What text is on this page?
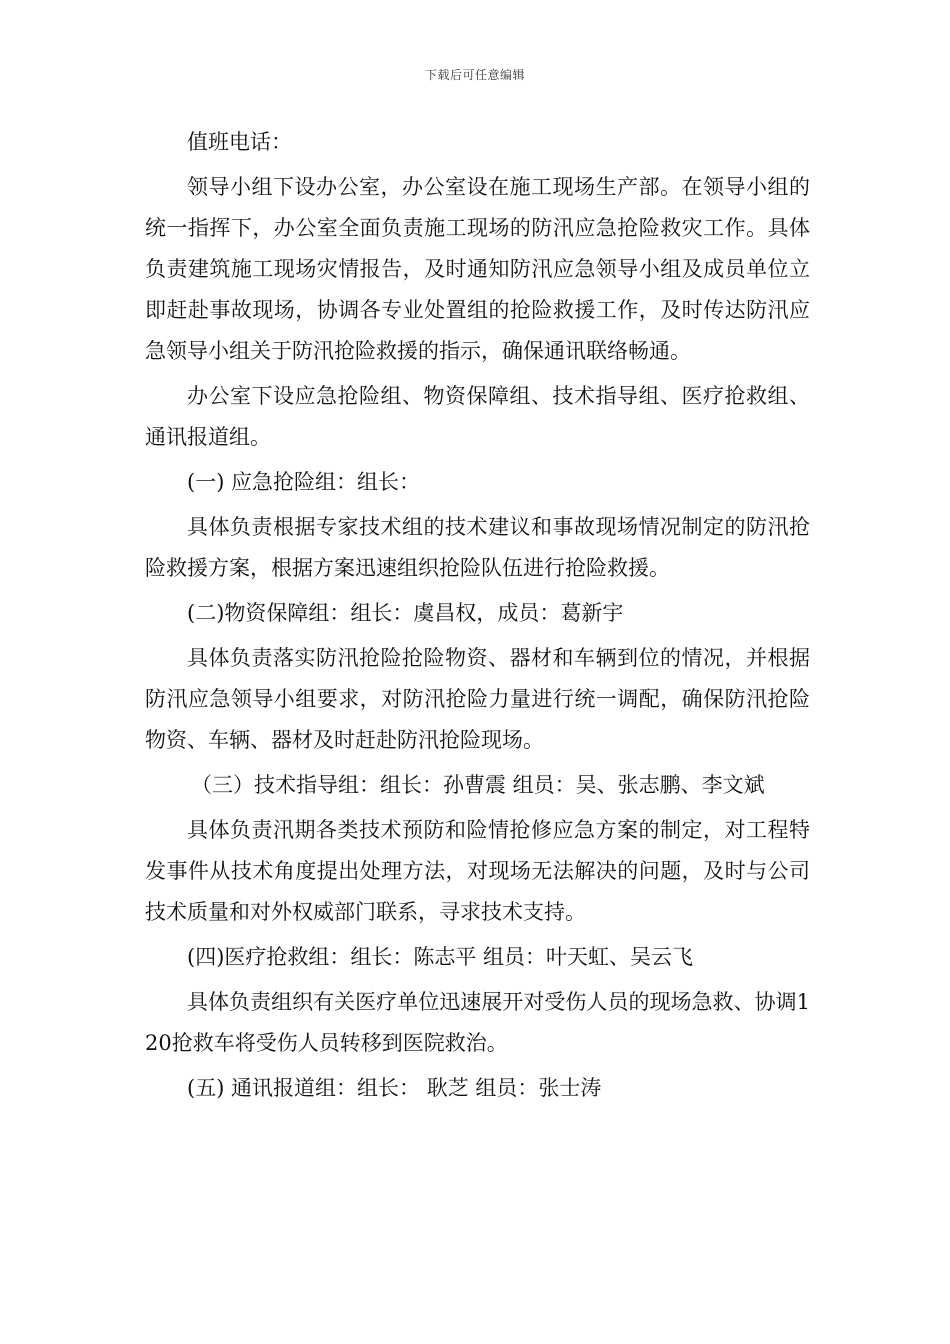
下载后可任意编辑

值班电话：

领导小组下设办公室，办公室设在施工现场生产部。在领导小组的统一指挥下，办公室全面负责施工现场的防汛应急抢险救灾工作。具体负责建筑施工现场灾情报告，及时通知防汛应急领导小组及成员单位立即赶赴事故现场，协调各专业处置组的抢险救援工作，及时传达防汛应急领导小组关于防汛抢险救援的指示，确保通讯联络畅通。

办公室下设应急抢险组、物资保障组、技术指导组、医疗抢救组、通讯报道组。

(一) 应急抢险组：组长：

具体负责根据专家技术组的技术建议和事故现场情况制定的防汛抢险救援方案，根据方案迅速组织抢险队伍进行抢险救援。

(二)物资保障组：组长：虞昌权，成员：葛新宇

具体负责落实防汛抢险抢险物资、器材和车辆到位的情况，并根据防汛应急领导小组要求，对防汛抢险力量进行统一调配，确保防汛抢险物资、车辆、器材及时赶赴防汛抢险现场。

（三）技术指导组：组长：孙曹震 组员：吴、张志鹏、李文斌

具体负责汛期各类技术预防和险情抢修应急方案的制定，对工程特发事件从技术角度提出处理方法，对现场无法解决的问题，及时与公司技术质量和对外权威部门联系，寻求技术支持。

(四)医疗抢救组：组长：陈志平 组员：叶天虹、吴云飞

具体负责组织有关医疗单位迅速展开对受伤人员的现场急救、协调120抢救车将受伤人员转移到医院救治。

(五) 通讯报道组：组长： 耿芝 组员：张士涛
